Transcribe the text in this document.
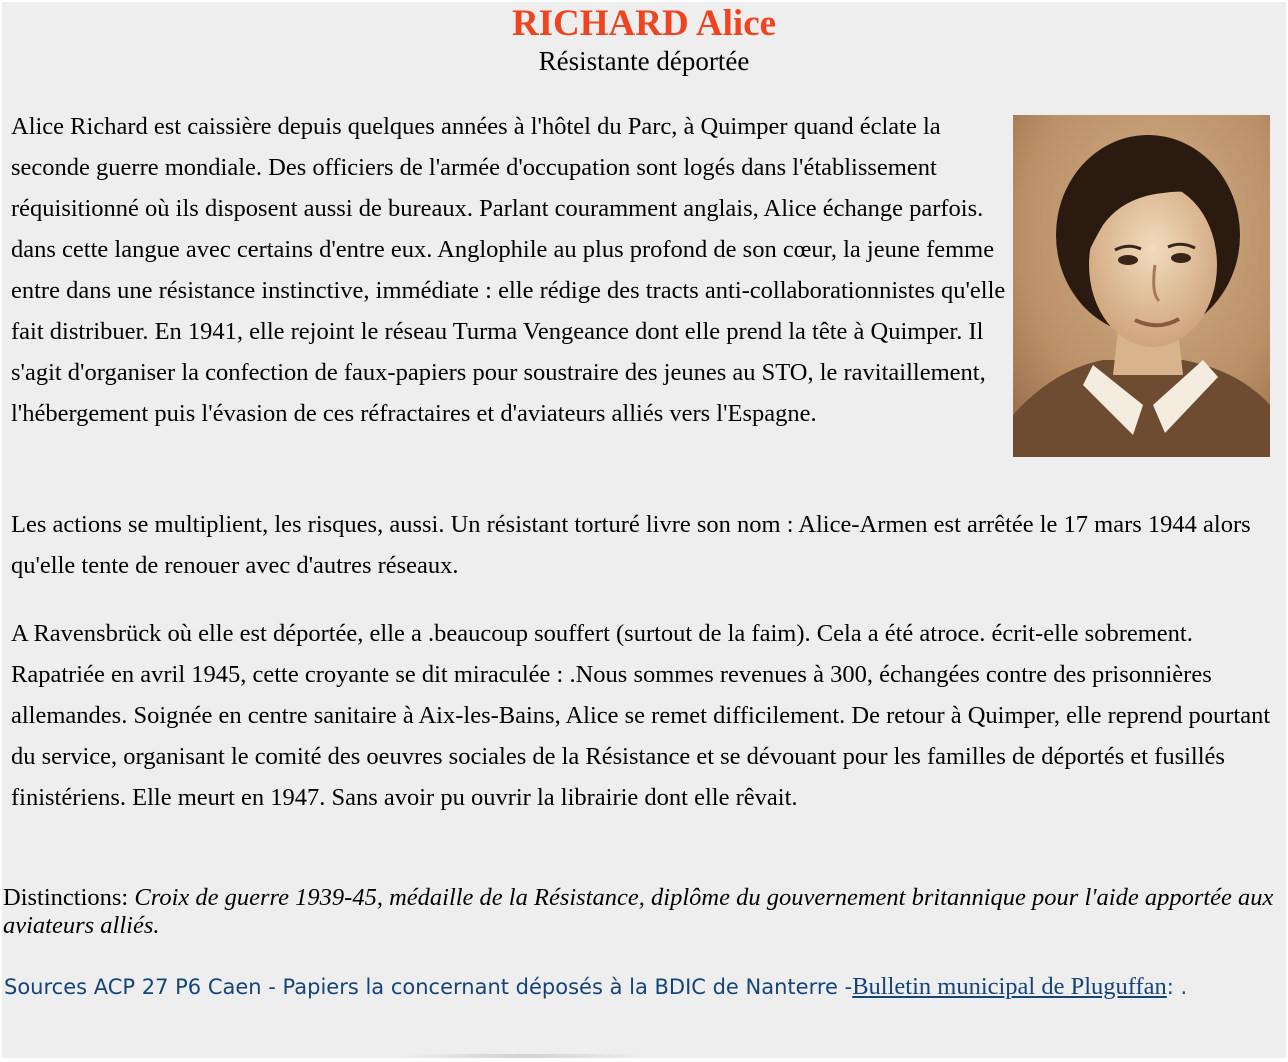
RICHARD Alice
Résistante déportée

Alice Richard est caissière depuis quelques années à l'hôtel du Parc, à Quimper quand éclate la seconde guerre mondiale. Des officiers de l'armée d'occupation sont logés dans l'établissement réquisitionné où ils disposent aussi de bureaux. Parlant couramment anglais, Alice échange parfois. dans cette langue avec certains d'entre eux. Anglophile au plus profond de son cœur, la jeune femme entre dans une résistance instinctive, immédiate : elle rédige des tracts anti-collaborationnistes qu'elle fait distribuer. En 1941, elle rejoint le réseau Turma Vengeance dont elle prend la tête à Quimper. Il s'agit d'organiser la confection de faux-papiers pour soustraire des jeunes au STO, le ravitaillement, l'hébergement puis l'évasion de ces réfractaires et d'aviateurs alliés vers l'Espagne.

Les actions se multiplient, les risques, aussi. Un résistant torturé livre son nom : Alice-Armen est arrêtée le 17 mars 1944 alors qu'elle tente de renouer avec d'autres réseaux.

A Ravensbrück où elle est déportée, elle a .beaucoup souffert (surtout de la faim). Cela a été atroce. écrit-elle sobrement. Rapatriée en avril 1945, cette croyante se dit miraculée : .Nous sommes revenues à 300, échangées contre des prisonnières allemandes. Soignée en centre sanitaire à Aix-les-Bains, Alice se remet difficilement. De retour à Quimper, elle reprend pourtant du service, organisant le comité des oeuvres sociales de la Résistance et se dévouant pour les familles de déportés et fusillés finistériens. Elle meurt en 1947. Sans avoir pu ouvrir la librairie dont elle rêvait.

Distinctions: Croix de guerre 1939-45, médaille de la Résistance, diplôme du gouvernement britannique pour l'aide apportée aux aviateurs alliés.
Sources ACP 27 P6 Caen - Papiers la concernant déposés à la BDIC de Nanterre -Bulletin municipal de Pluguffan: .
